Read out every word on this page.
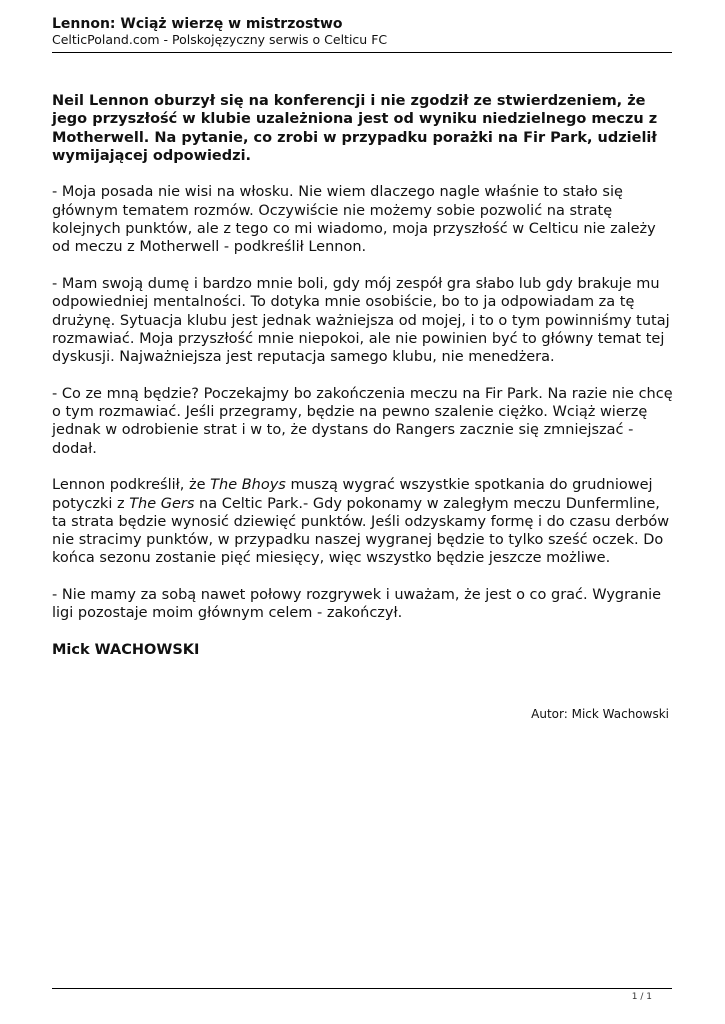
Lennon: Wciąż wierzę w mistrzostwo
CelticPoland.com - Polskojęzyczny serwis o Celticu FC

Neil Lennon oburzył się na konferencji i nie zgodził ze stwierdzeniem, że jego przyszłość w klubie uzależniona jest od wyniku niedzielnego meczu z Motherwell. Na pytanie, co zrobi w przypadku porażki na Fir Park, udzielił wymijającej odpowiedzi.

- Moja posada nie wisi na włosku. Nie wiem dlaczego nagle właśnie to stało się głównym tematem rozmów. Oczywiście nie możemy sobie pozwolić na stratę kolejnych punktów, ale z tego co mi wiadomo, moja przyszłość w Celticu nie zależy od meczu z Motherwell - podkreślił Lennon.

- Mam swoją dumę i bardzo mnie boli, gdy mój zespół gra słabo lub gdy brakuje mu odpowiedniej mentalności. To dotyka mnie osobiście, bo to ja odpowiadam za tę drużynę. Sytuacja klubu jest jednak ważniejsza od mojej, i to o tym powinniśmy tutaj rozmawiać. Moja przyszłość mnie niepokoi, ale nie powinien być to główny temat tej dyskusji. Najważniejsza jest reputacja samego klubu, nie menedżera.

- Co ze mną będzie? Poczekajmy bo zakończenia meczu na Fir Park. Na razie nie chcę o tym rozmawiać. Jeśli przegramy, będzie na pewno szalenie ciężko. Wciąż wierzę jednak w odrobienie strat i w to, że dystans do Rangers zacznie się zmniejszać - dodał.

Lennon podkreślił, że The Bhoys muszą wygrać wszystkie spotkania do grudniowej potyczki z The Gers na Celtic Park.- Gdy pokonamy w zaległym meczu Dunfermline, ta strata będzie wynosić dziewięć punktów. Jeśli odzyskamy formę i do czasu derbów nie stracimy punktów, w przypadku naszej wygranej będzie to tylko sześć oczek. Do końca sezonu zostanie pięć miesięcy, więc wszystko będzie jeszcze możliwe.

- Nie mamy za sobą nawet połowy rozgrywek i uważam, że jest o co grać. Wygranie ligi pozostaje moim głównym celem - zakończył.

Mick WACHOWSKI

Autor: Mick Wachowski
1 / 1
